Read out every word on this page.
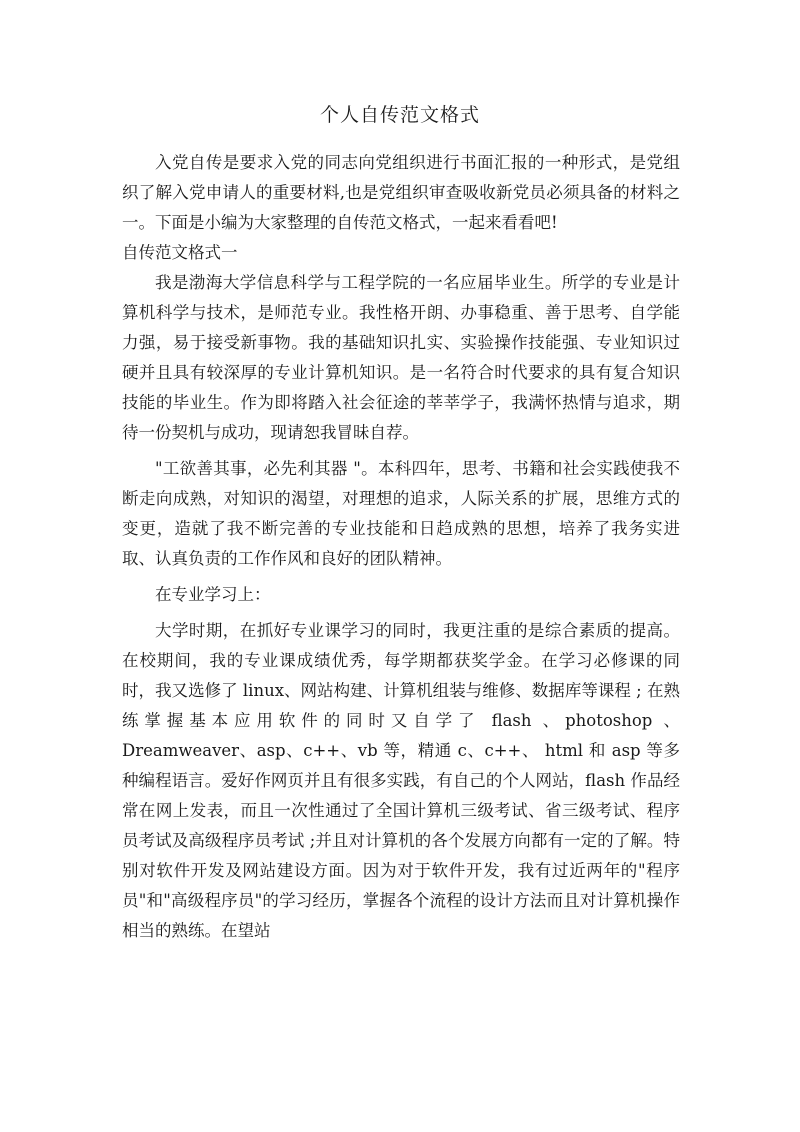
个人自传范文格式

入党自传是要求入党的同志向党组织进行书面汇报的一种形式，是党组织了解入党申请人的重要材料,也是党组织审查吸收新党员必须具备的材料之一。下面是小编为大家整理的自传范文格式，一起来看看吧!

自传范文格式一

我是渤海大学信息科学与工程学院的一名应届毕业生。所学的专业是计算机科学与技术，是师范专业。我性格开朗、办事稳重、善于思考、自学能力强，易于接受新事物。我的基础知识扎实、实验操作技能强、专业知识过硬并且具有较深厚的专业计算机知识。是一名符合时代要求的具有复合知识技能的毕业生。作为即将踏入社会征途的莘莘学子，我满怀热情与追求，期待一份契机与成功，现请恕我冒昧自荐。

"工欲善其事，必先利其器 "。本科四年，思考、书籍和社会实践使我不断走向成熟，对知识的渴望，对理想的追求，人际关系的扩展，思维方式的变更，造就了我不断完善的专业技能和日趋成熟的思想，培养了我务实进取、认真负责的工作作风和良好的团队精神。

在专业学习上：

大学时期，在抓好专业课学习的同时，我更注重的是综合素质的提高。在校期间，我的专业课成绩优秀，每学期都获奖学金。在学习必修课的同时，我又选修了 linux、网站构建、计算机组装与维修、数据库等课程 ; 在熟练掌握基本应用软件的同时又自学了 flash 、photoshop 、Dreamweaver、asp、c++、vb 等，精通 c、c++、 html 和 asp 等多种编程语言。爱好作网页并且有很多实践，有自己的个人网站，flash 作品经常在网上发表，而且一次性通过了全国计算机三级考试、省三级考试、程序员考试及高级程序员考试 ;并且对计算机的各个发展方向都有一定的了解。特别对软件开发及网站建设方面。因为对于软件开发，我有过近两年的"程序员"和"高级程序员"的学习经历，掌握各个流程的设计方法而且对计算机操作相当的熟练。在望站
